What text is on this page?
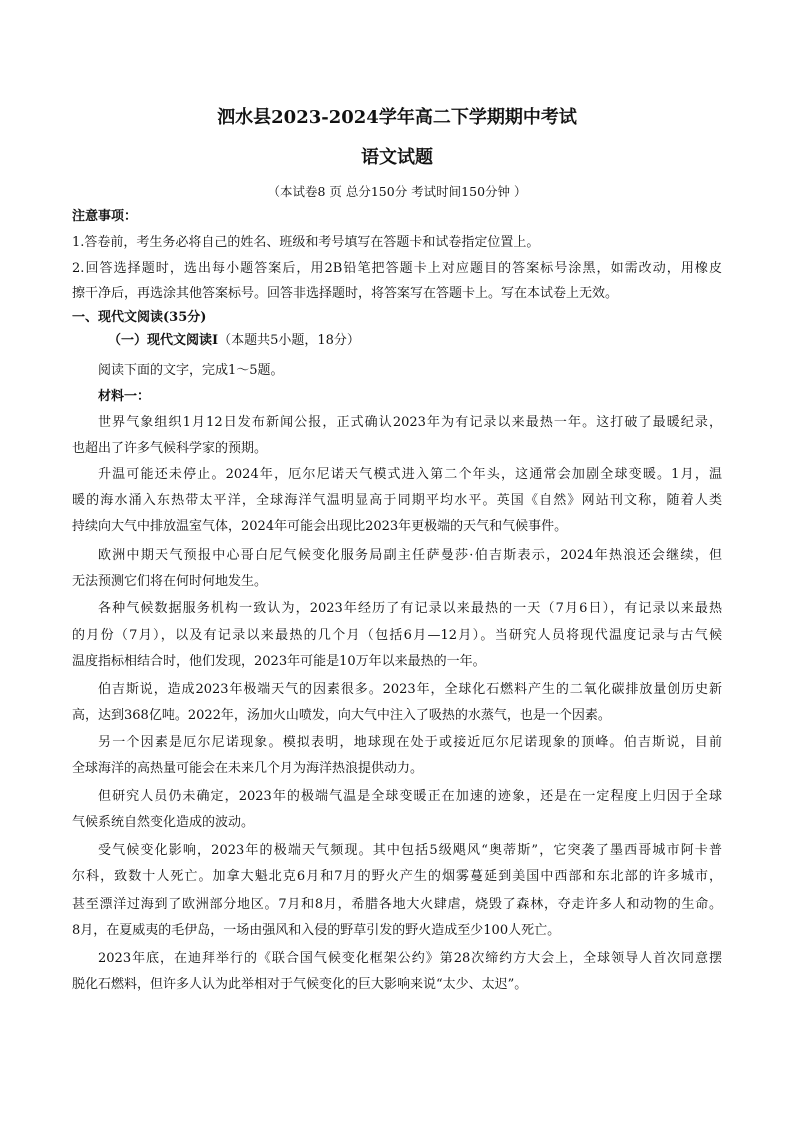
泗水县2023-2024学年高二下学期期中考试
语文试题
（本试卷8 页 总分150分 考试时间150分钟 ）
注意事项：
1.答卷前，考生务必将自己的姓名、班级和考号填写在答题卡和试卷指定位置上。
2.回答选择题时，选出每小题答案后，用2B铅笔把答题卡上对应题目的答案标号涂黑，如需改动，用橡皮
擦干净后，再选涂其他答案标号。回答非选择题时，将答案写在答题卡上。写在本试卷上无效。
一、现代文阅读(35分)
（一）现代文阅读Ⅰ（本题共5小题，18分）
阅读下面的文字，完成1～5题。
材料一：
世界气象组织1月12日发布新闻公报，正式确认2023年为有记录以来最热一年。这打破了最暖纪录，
也超出了许多气候科学家的预期。
升温可能还未停止。2024年，厄尔尼诺天气模式进入第二个年头，这通常会加剧全球变暖。1月，温
暖的海水涌入东热带太平洋，全球海洋气温明显高于同期平均水平。英国《自然》网站刊文称，随着人类
持续向大气中排放温室气体，2024年可能会出现比2023年更极端的天气和气候事件。
欧洲中期天气预报中心哥白尼气候变化服务局副主任萨曼莎·伯吉斯表示，2024年热浪还会继续，但
无法预测它们将在何时何地发生。
各种气候数据服务机构一致认为，2023年经历了有记录以来最热的一天（7月6日），有记录以来最热
的月份（7月），以及有记录以来最热的几个月（包括6月—12月）。当研究人员将现代温度记录与古气候
温度指标相结合时，他们发现，2023年可能是10万年以来最热的一年。
伯吉斯说，造成2023年极端天气的因素很多。2023年，全球化石燃料产生的二氧化碳排放量创历史新
高，达到368亿吨。2022年，汤加火山喷发，向大气中注入了吸热的水蒸气，也是一个因素。
另一个因素是厄尔尼诺现象。模拟表明，地球现在处于或接近厄尔尼诺现象的顶峰。伯吉斯说，目前
全球海洋的高热量可能会在未来几个月为海洋热浪提供动力。
但研究人员仍未确定，2023年的极端气温是全球变暖正在加速的迹象，还是在一定程度上归因于全球
气候系统自然变化造成的波动。
受气候变化影响，2023年的极端天气频现。其中包括5级飓风“奥蒂斯”，它突袭了墨西哥城市阿卡普
尔科，致数十人死亡。加拿大魁北克6月和7月的野火产生的烟雾蔓延到美国中西部和东北部的许多城市，
甚至漂洋过海到了欧洲部分地区。7月和8月，希腊各地大火肆虐，烧毁了森林，夺走许多人和动物的生命。
8月，在夏威夷的毛伊岛，一场由强风和入侵的野草引发的野火造成至少100人死亡。
2023年底，在迪拜举行的《联合国气候变化框架公约》第28次缔约方大会上，全球领导人首次同意摆
脱化石燃料，但许多人认为此举相对于气候变化的巨大影响来说“太少、太迟”。
